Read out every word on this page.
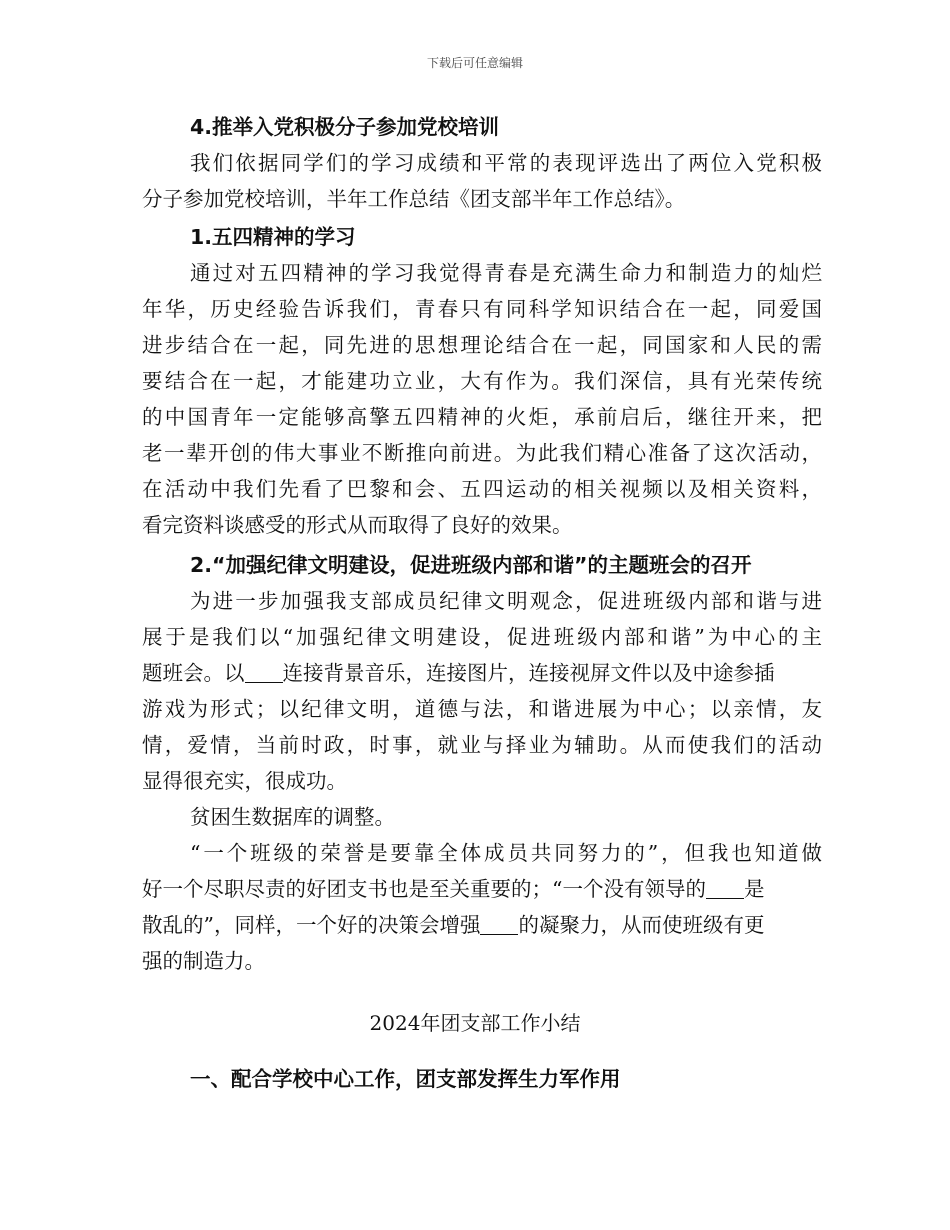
下载后可任意编辑
4.推举入党积极分子参加党校培训
我们依据同学们的学习成绩和平常的表现评选出了两位入党积极
分子参加党校培训，半年工作总结《团支部半年工作总结》。
1.五四精神的学习
通过对五四精神的学习我觉得青春是充满生命力和制造力的灿烂
年华，历史经验告诉我们，青春只有同科学知识结合在一起，同爱国
进步结合在一起，同先进的思想理论结合在一起，同国家和人民的需
要结合在一起，才能建功立业，大有作为。我们深信，具有光荣传统
的中国青年一定能够高擎五四精神的火炬，承前启后，继往开来，把
老一辈开创的伟大事业不断推向前进。为此我们精心准备了这次活动，
在活动中我们先看了巴黎和会、五四运动的相关视频以及相关资料，
看完资料谈感受的形式从而取得了良好的效果。
2.“加强纪律文明建设，促进班级内部和谐”的主题班会的召开
为进一步加强我支部成员纪律文明观念，促进班级内部和谐与进
展于是我们以“加强纪律文明建设，促进班级内部和谐”为中心的主
题班会。以 连接背景音乐，连接图片，连接视屏文件以及中途参插
游戏为形式；以纪律文明，道德与法，和谐进展为中心；以亲情，友
情，爱情，当前时政，时事，就业与择业为辅助。从而使我们的活动
显得很充实，很成功。
贫困生数据库的调整。
“一个班级的荣誉是要靠全体成员共同努力的”，但我也知道做
好一个尽职尽责的好团支书也是至关重要的；“一个没有领导的 是
散乱的”，同样，一个好的决策会增强 的凝聚力，从而使班级有更
强的制造力。
2024年团支部工作小结
一、配合学校中心工作，团支部发挥生力军作用
